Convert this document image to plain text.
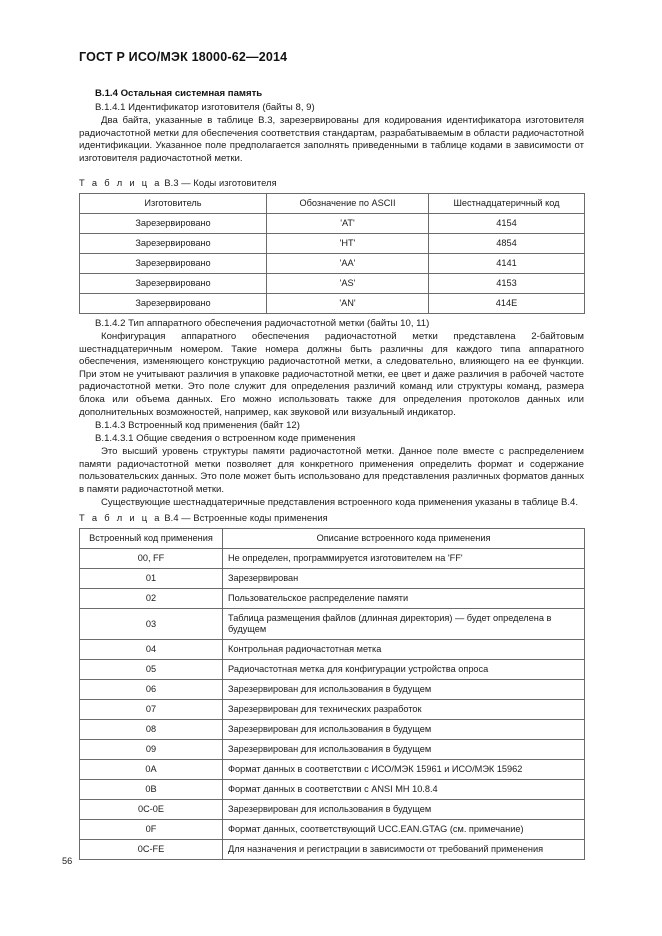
ГОСТ Р ИСО/МЭК 18000-62—2014
В.1.4 Остальная системная память
В.1.4.1 Идентификатор изготовителя (байты 8, 9)

Два байта, указанные в таблице В.3, зарезервированы для кодирования идентификатора изготовителя радиочастотной метки для обеспечения соответствия стандартам, разрабатываемым в области радиочастотной идентификации. Указанное поле предполагается заполнять приведенными в таблице кодами в зависимости от изготовителя радиочастотной метки.

Т а б л и ц а В.3 — Коды изготовителя
Изготовитель	Обозначение по ASCII	Шестнадцатеричный код
Зарезервировано	'AT'	4154
Зарезервировано	'HT'	4854
Зарезервировано	'AA'	4141
Зарезервировано	'AS'	4153
Зарезервировано	'AN'	414E
В.1.4.2 Тип аппаратного обеспечения радиочастотной метки (байты 10, 11)

Конфигурация аппаратного обеспечения радиочастотной метки представлена 2-байтовым шестнадцатеричным номером. Такие номера должны быть различны для каждого типа аппаратного обеспечения, изменяющего конструкцию радиочастотной метки, а следовательно, влияющего на ее функции. При этом не учитывают различия в упаковке радиочастотной метки, ее цвет и даже различия в рабочей частоте радиочастотной метки. Это поле служит для определения различий команд или структуры команд, размера блока или объема данных. Его можно использовать также для определения протоколов данных или дополнительных возможностей, например, как звуковой или визуальный индикатор.

В.1.4.3 Встроенный код применения (байт 12)
В.1.4.3.1 Общие сведения о встроенном коде применения

Это высший уровень структуры памяти радиочастотной метки. Данное поле вместе с распределением памяти радиочастотной метки позволяет для конкретного применения определить формат и содержание пользовательских данных. Это поле может быть использовано для представления различных форматов данных в памяти радиочастотной метки.

Существующие шестнадцатеричные представления встроенного кода применения указаны в таблице В.4.

Т а б л и ц а В.4 — Встроенные коды применения
Встроенный код применения	Описание встроенного кода применения
00, FF	Не определен, программируется изготовителем на 'FF'
01	Зарезервирован
02	Пользовательское распределение памяти
03	Таблица размещения файлов (длинная директория) — будет определена в будущем
04	Контрольная радиочастотная метка
05	Радиочастотная метка для конфигурации устройства опроса
06	Зарезервирован для использования в будущем
07	Зарезервирован для технических разработок
08	Зарезервирован для использования в будущем
09	Зарезервирован для использования в будущем
0A	Формат данных в соответствии с ИСО/МЭК 15961 и ИСО/МЭК 15962
0B	Формат данных в соответствии с ANSI MH 10.8.4
0C-0E	Зарезервирован для использования в будущем
0F	Формат данных, соответствующий UCC.EAN.GTAG (см. примечание)
0C-FE	Для назначения и регистрации в зависимости от требований применения
56
